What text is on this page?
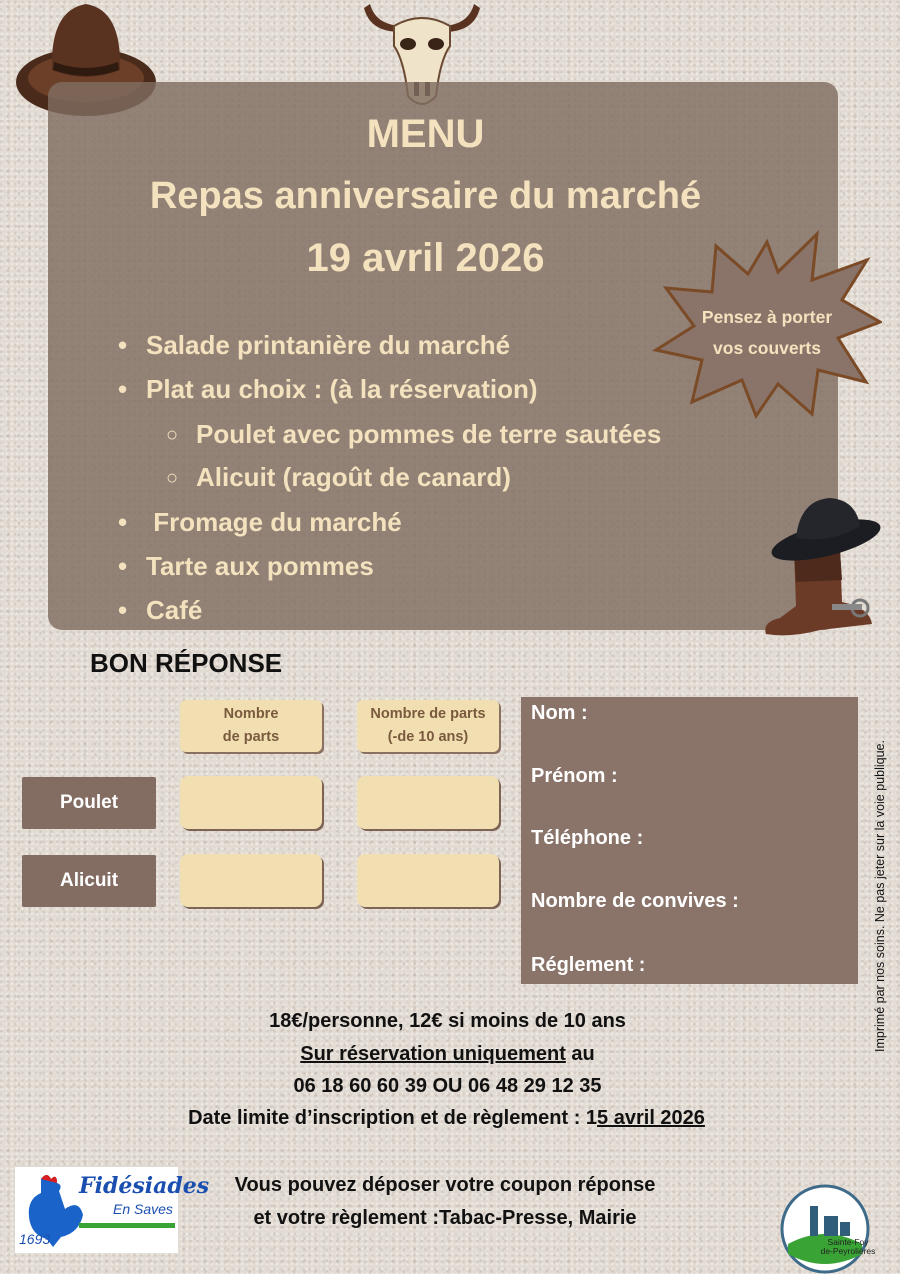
MENU
Repas anniversaire du marché
19 avril 2026
• Salade printanière du marché
• Plat au choix : (à la réservation)
○ Poulet avec pommes de terre sautées
○ Alicuit (ragoût de canard)
• Fromage du marché
• Tarte aux pommes
• Café
Pensez à porter
vos couverts
BON RÉPONSE
Nombre
de parts
Nombre de parts
(-de 10 ans)
Poulet
Alicuit
Nom :
Prénom :
Téléphone :
Nombre de convives :
Réglement :	Imprimé par nos soins. Ne pas jeter sur la voie publique.
18€/personne, 12€ si moins de 10 ans
Sur réservation uniquement au
06 18 60 60 39 OU 06 48 29 12 35
Date limite d’inscription et de règlement : 15 avril 2026
Vous pouvez déposer votre coupon réponse
et votre règlement :Tabac-Presse, Mairie
Fidésiades
En Saves
1693	Sainte-Foy
de-Peyrolières
